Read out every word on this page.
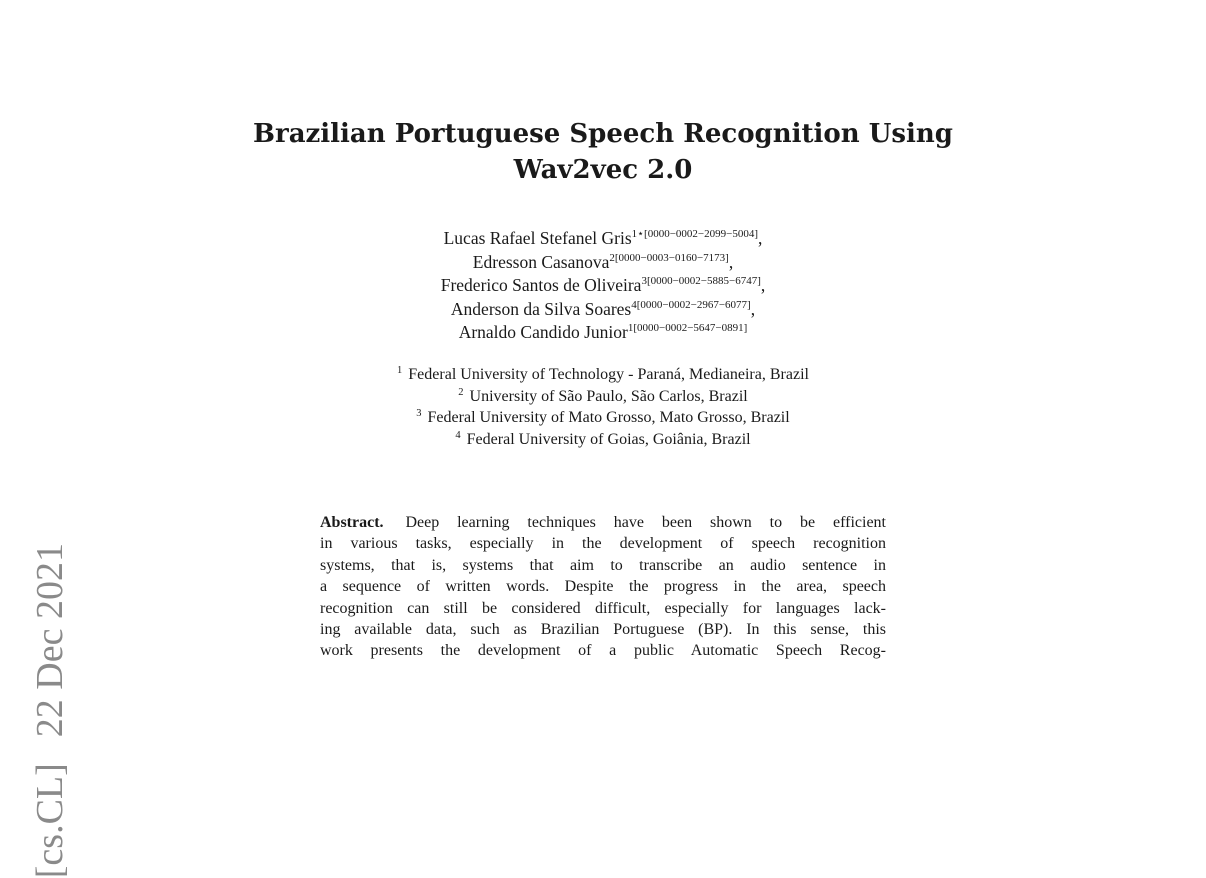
[cs.CL]22 Dec 2021
Brazilian Portuguese Speech Recognition Using
Wav2vec 2.0
Lucas Rafael Stefanel Gris$^{1⋆[0000-0002-2099-5004]}$,
Edresson Casanova$^{2[0000-0003-0160-7173]}$,
Frederico Santos de Oliveira$^{3[0000-0002-5885-6747]}$,
Anderson da Silva Soares$^{4[0000-0002-2967-6077]}$,
Arnaldo Candido Junior$^{1[0000-0002-5647-0891]}$
$^1$ Federal University of Technology - Paraná, Medianeira, Brazil
$^2$ University of São Paulo, São Carlos, Brazil
$^3$ Federal University of Mato Grosso, Mato Grosso, Brazil
$^4$ Federal University of Goias, Goiânia, Brazil
Abstract. Deep learning techniques have been shown to be efficient
in various tasks, especially in the development of speech recognition
systems, that is, systems that aim to transcribe an audio sentence in
a sequence of written words. Despite the progress in the area, speech
recognition can still be considered difficult, especially for languages lack-
ing available data, such as Brazilian Portuguese (BP). In this sense, this
work presents the development of a public Automatic Speech Recog-
